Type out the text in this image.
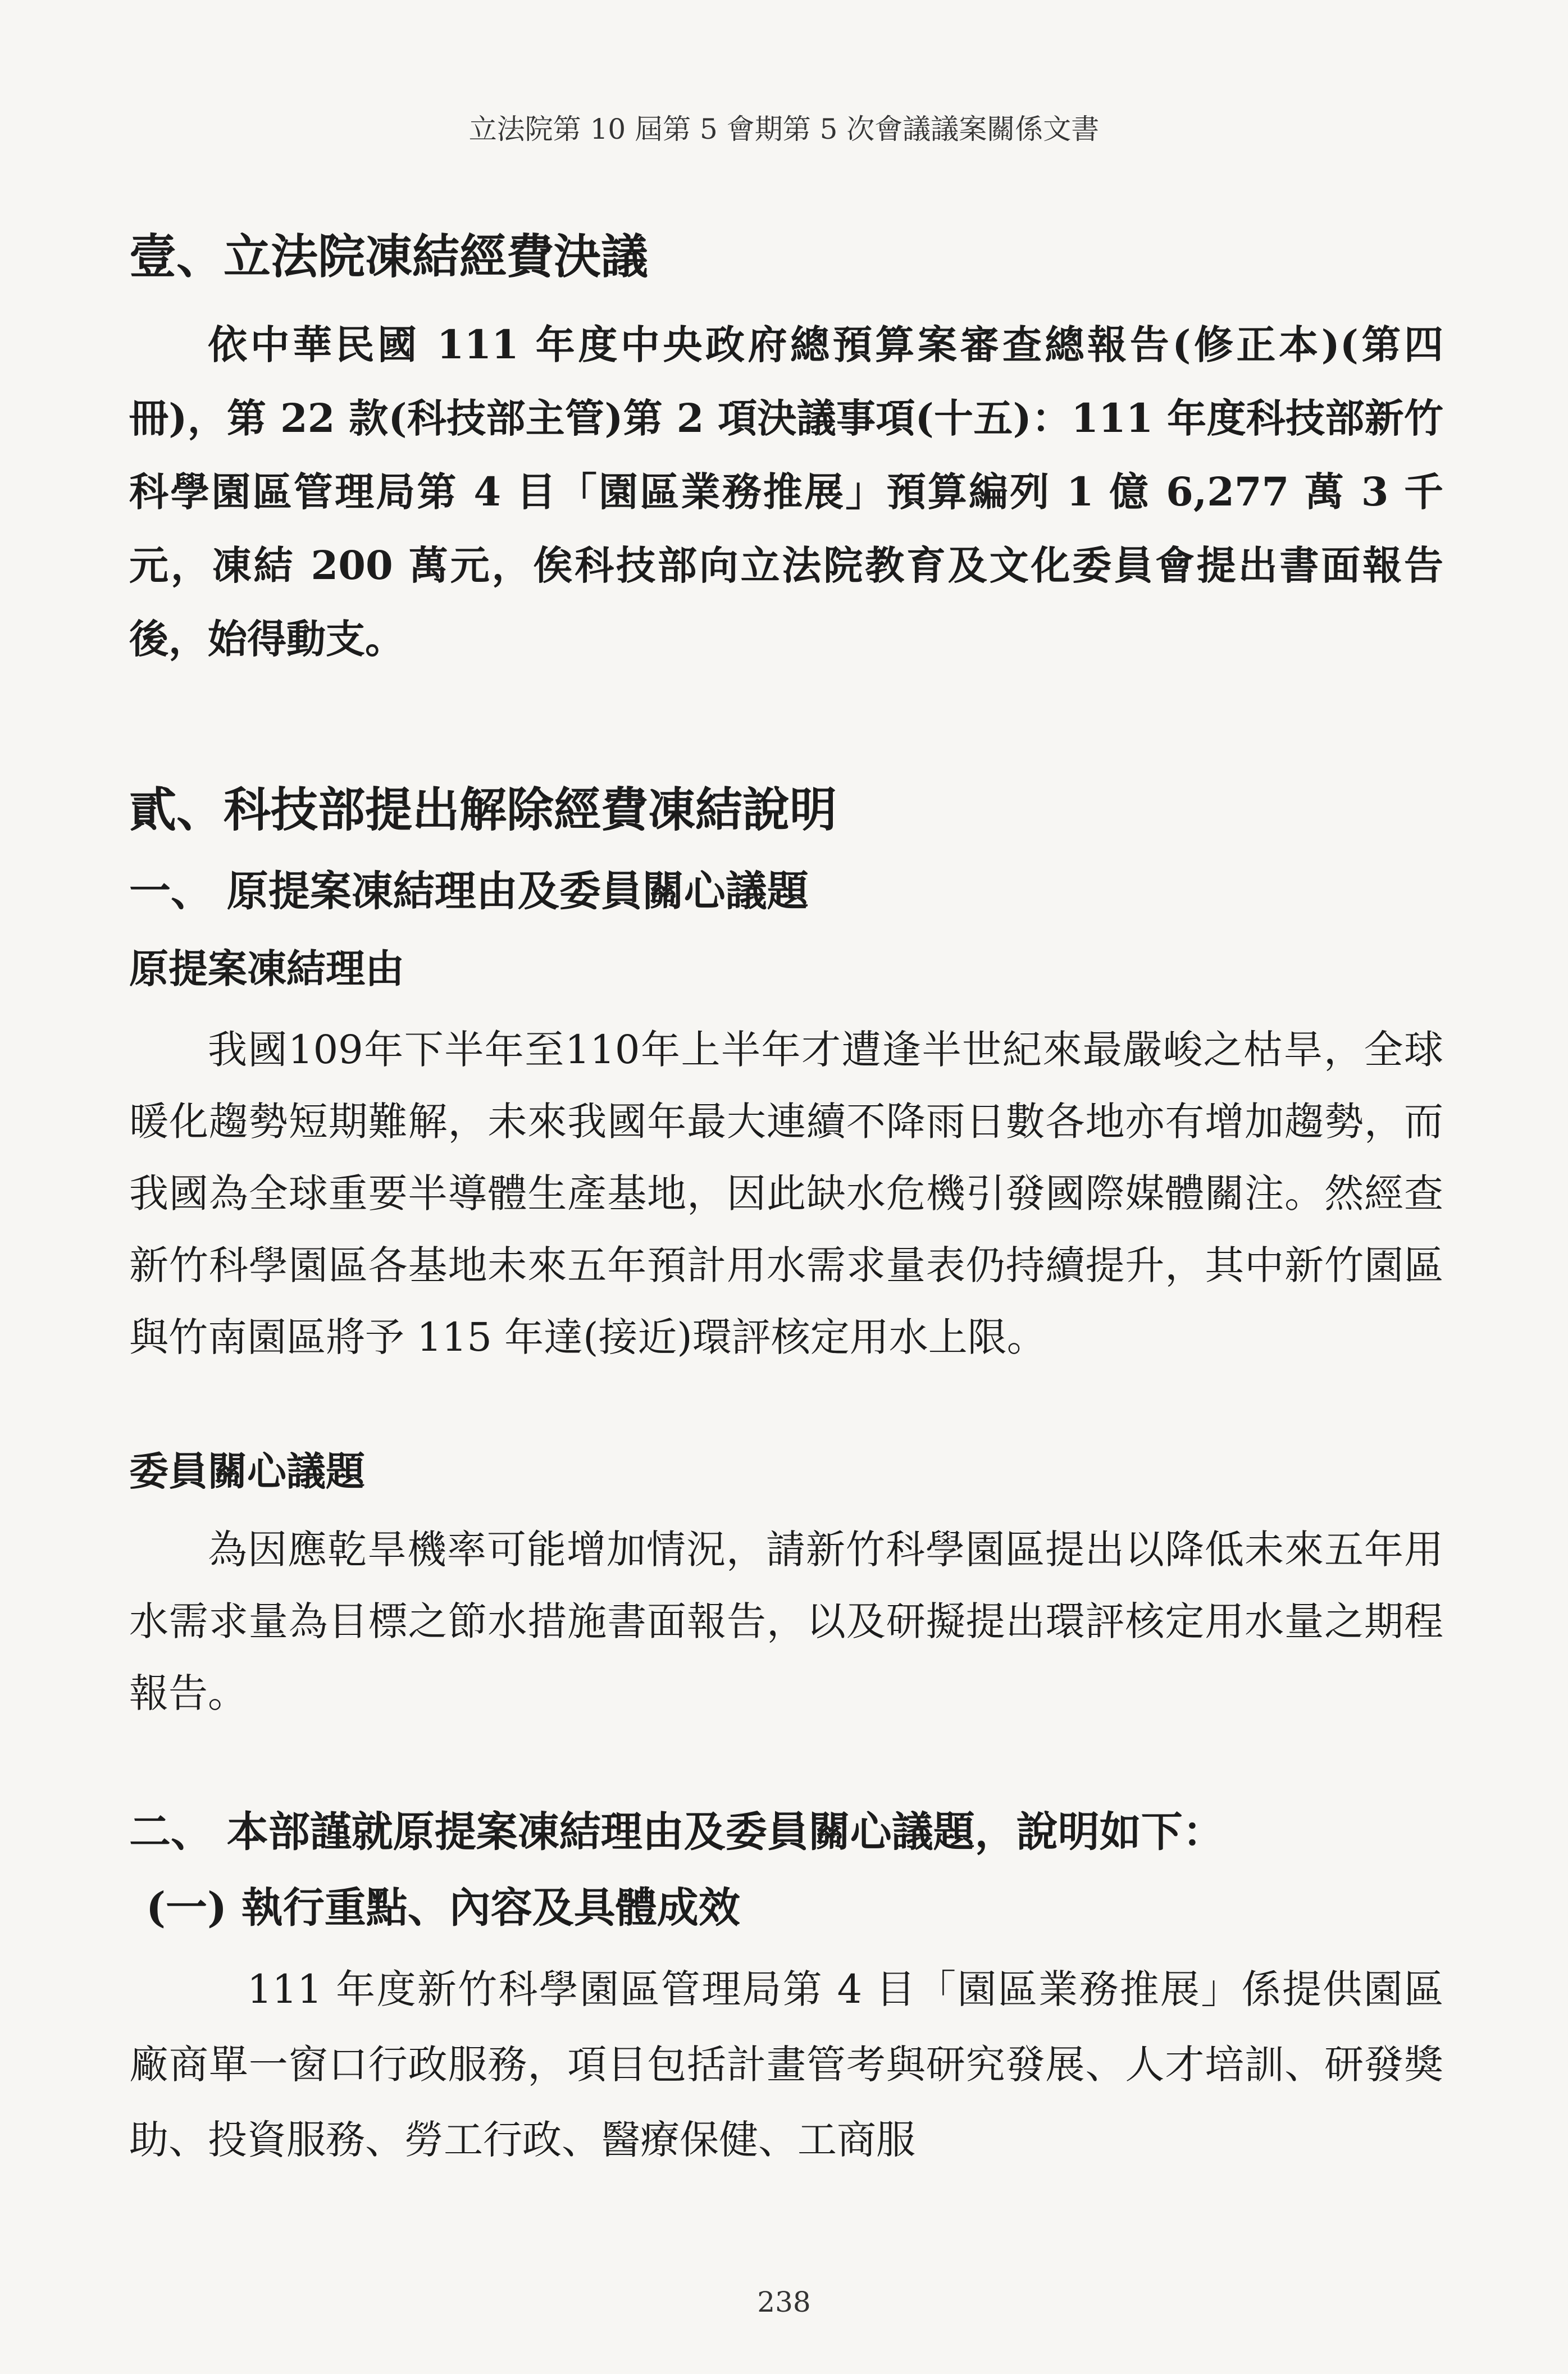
立法院第 10 屆第 5 會期第 5 次會議議案關係文書
壹、立法院凍結經費決議
依中華民國 111 年度中央政府總預算案審查總報告(修正本)(第四冊)，第 22 款(科技部主管)第 2 項決議事項(十五)：111 年度科技部新竹科學園區管理局第 4 目「園區業務推展」預算編列 1 億 6,277 萬 3 千元，凍結 200 萬元，俟科技部向立法院教育及文化委員會提出書面報告後，始得動支。
貳、科技部提出解除經費凍結說明
一、 原提案凍結理由及委員關心議題
原提案凍結理由
我國109年下半年至110年上半年才遭逢半世紀來最嚴峻之枯旱，全球暖化趨勢短期難解，未來我國年最大連續不降雨日數各地亦有增加趨勢，而我國為全球重要半導體生產基地，因此缺水危機引發國際媒體關注。然經查新竹科學園區各基地未來五年預計用水需求量表仍持續提升，其中新竹園區與竹南園區將予 115 年達(接近)環評核定用水上限。
委員關心議題
為因應乾旱機率可能增加情況，請新竹科學園區提出以降低未來五年用水需求量為目標之節水措施書面報告，以及研擬提出環評核定用水量之期程報告。
二、 本部謹就原提案凍結理由及委員關心議題，說明如下：
(一) 執行重點、內容及具體成效
111 年度新竹科學園區管理局第 4 目「園區業務推展」係提供園區廠商單一窗口行政服務，項目包括計畫管考與研究發展、人才培訓、研發獎助、投資服務、勞工行政、醫療保健、工商服
238
